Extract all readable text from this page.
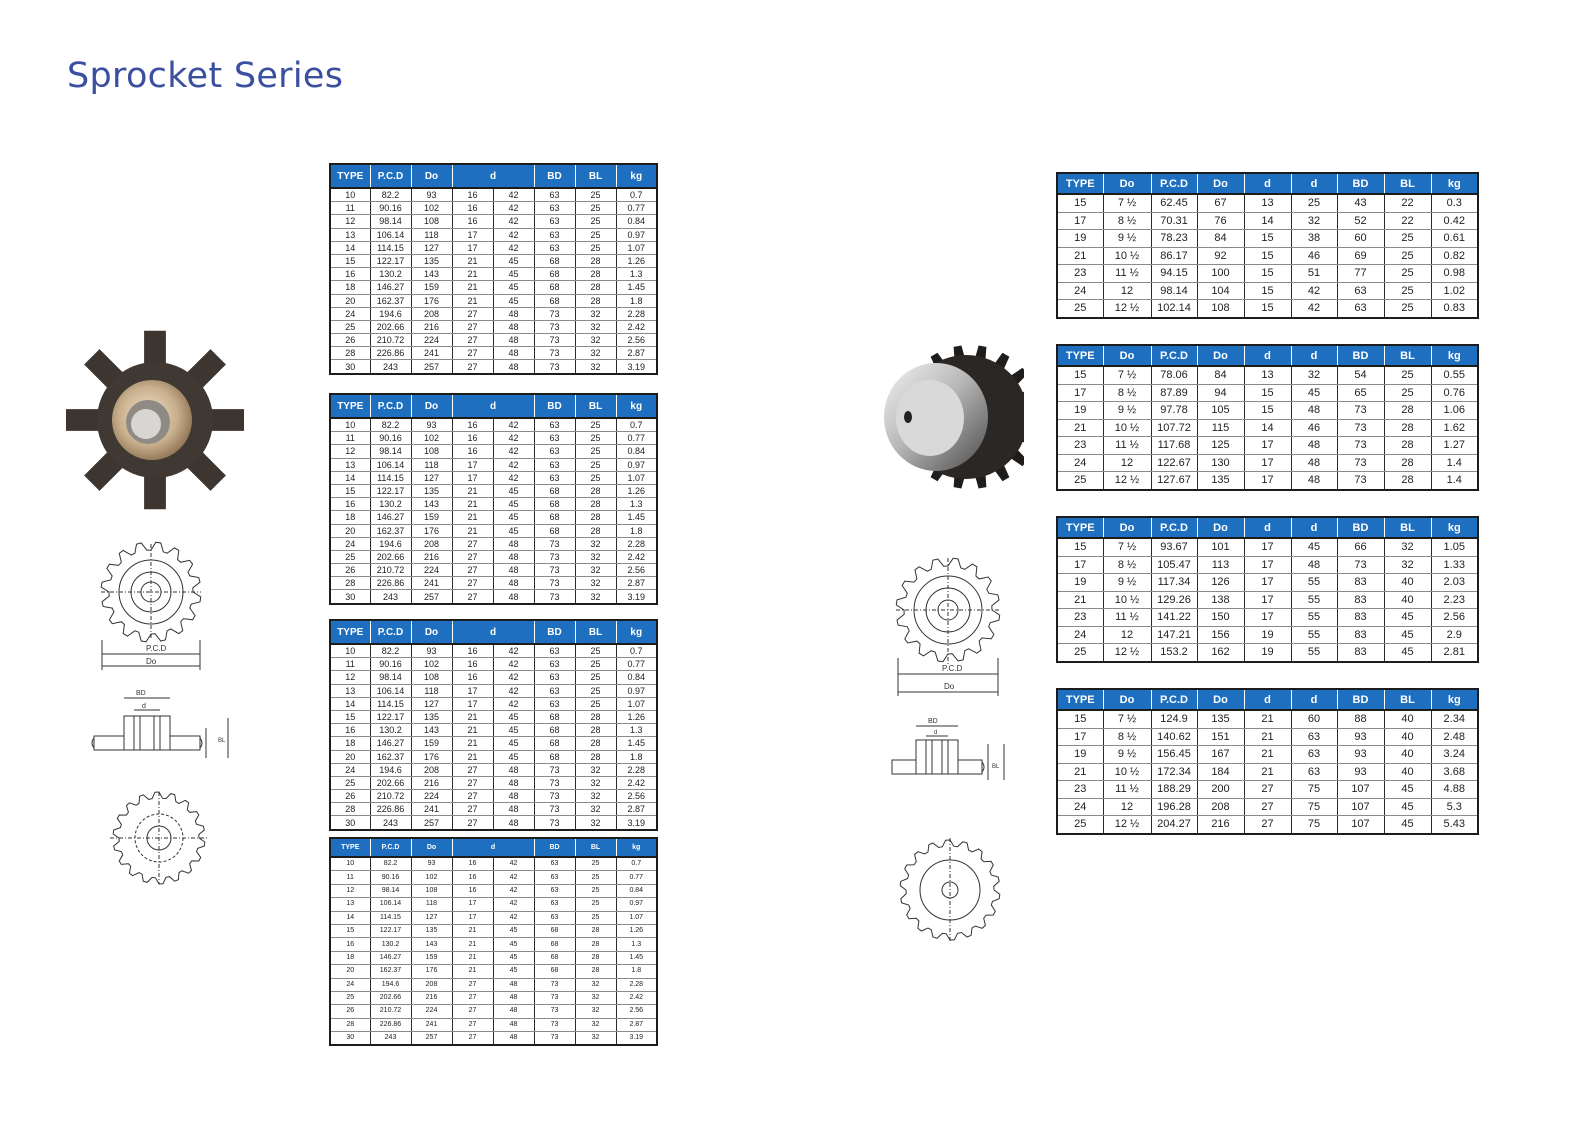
Sprocket Series
TYPE	P.C.D	Do	d		BD	BL	kg
10	82.2	93	16	42	63	25	0.7
11	90.16	102	16	42	63	25	0.77
12	98.14	108	16	42	63	25	0.84
13	106.14	118	17	42	63	25	0.97
14	114.15	127	17	42	63	25	1.07
15	122.17	135	21	45	68	28	1.26
16	130.2	143	21	45	68	28	1.3
18	146.27	159	21	45	68	28	1.45
20	162.37	176	21	45	68	28	1.8
24	194.6	208	27	48	73	32	2.28
25	202.66	216	27	48	73	32	2.42
26	210.72	224	27	48	73	32	2.56
28	226.86	241	27	48	73	32	2.87
30	243	257	27	48	73	32	3.19
TYPE	P.C.D	Do	d		BD	BL	kg
10	82.2	93	16	42	63	25	0.7
11	90.16	102	16	42	63	25	0.77
12	98.14	108	16	42	63	25	0.84
13	106.14	118	17	42	63	25	0.97
14	114.15	127	17	42	63	25	1.07
15	122.17	135	21	45	68	28	1.26
16	130.2	143	21	45	68	28	1.3
18	146.27	159	21	45	68	28	1.45
20	162.37	176	21	45	68	28	1.8
24	194.6	208	27	48	73	32	2.28
25	202.66	216	27	48	73	32	2.42
26	210.72	224	27	48	73	32	2.56
28	226.86	241	27	48	73	32	2.87
30	243	257	27	48	73	32	3.19
TYPE	P.C.D	Do	d		BD	BL	kg
10	82.2	93	16	42	63	25	0.7
11	90.16	102	16	42	63	25	0.77
12	98.14	108	16	42	63	25	0.84
13	106.14	118	17	42	63	25	0.97
14	114.15	127	17	42	63	25	1.07
15	122.17	135	21	45	68	28	1.26
16	130.2	143	21	45	68	28	1.3
18	146.27	159	21	45	68	28	1.45
20	162.37	176	21	45	68	28	1.8
24	194.6	208	27	48	73	32	2.28
25	202.66	216	27	48	73	32	2.42
26	210.72	224	27	48	73	32	2.56
28	226.86	241	27	48	73	32	2.87
30	243	257	27	48	73	32	3.19
TYPE	P.C.D	Do	d		BD	BL	kg
10	82.2	93	16	42	63	25	0.7
11	90.16	102	16	42	63	25	0.77
12	98.14	108	16	42	63	25	0.84
13	106.14	118	17	42	63	25	0.97
14	114.15	127	17	42	63	25	1.07
15	122.17	135	21	45	68	28	1.26
16	130.2	143	21	45	68	28	1.3
18	146.27	159	21	45	68	28	1.45
20	162.37	176	21	45	68	28	1.8
24	194.6	208	27	48	73	32	2.28
25	202.66	216	27	48	73	32	2.42
26	210.72	224	27	48	73	32	2.56
28	226.86	241	27	48	73	32	2.87
30	243	257	27	48	73	32	3.19
TYPE	Do	P.C.D	Do	d	d	BD	BL	kg
15	7 ½	62.45	67	13	25	43	22	0.3
17	8 ½	70.31	76	14	32	52	22	0.42
19	9 ½	78.23	84	15	38	60	25	0.61
21	10 ½	86.17	92	15	46	69	25	0.82
23	11 ½	94.15	100	15	51	77	25	0.98
24	12	98.14	104	15	42	63	25	1.02
25	12 ½	102.14	108	15	42	63	25	0.83
TYPE	Do	P.C.D	Do	d	d	BD	BL	kg
15	7 ½	78.06	84	13	32	54	25	0.55
17	8 ½	87.89	94	15	45	65	25	0.76
19	9 ½	97.78	105	15	48	73	28	1.06
21	10 ½	107.72	115	14	46	73	28	1.62
23	11 ½	117.68	125	17	48	73	28	1.27
24	12	122.67	130	17	48	73	28	1.4
25	12 ½	127.67	135	17	48	73	28	1.4
TYPE	Do	P.C.D	Do	d	d	BD	BL	kg
15	7 ½	93.67	101	17	45	66	32	1.05
17	8 ½	105.47	113	17	48	73	32	1.33
19	9 ½	117.34	126	17	55	83	40	2.03
21	10 ½	129.26	138	17	55	83	40	2.23
23	11 ½	141.22	150	17	55	83	45	2.56
24	12	147.21	156	19	55	83	45	2.9
25	12 ½	153.2	162	19	55	83	45	2.81
TYPE	Do	P.C.D	Do	d	d	BD	BL	kg
15	7 ½	124.9	135	21	60	88	40	2.34
17	8 ½	140.62	151	21	63	93	40	2.48
19	9 ½	156.45	167	21	63	93	40	3.24
21	10 ½	172.34	184	21	63	93	40	3.68
23	11 ½	188.29	200	27	75	107	45	4.88
24	12	196.28	208	27	75	107	45	5.3
25	12 ½	204.27	216	27	75	107	45	5.43
P.C.D
Do
BD
d
BL
P.C.D
Do
BD
d
BL
